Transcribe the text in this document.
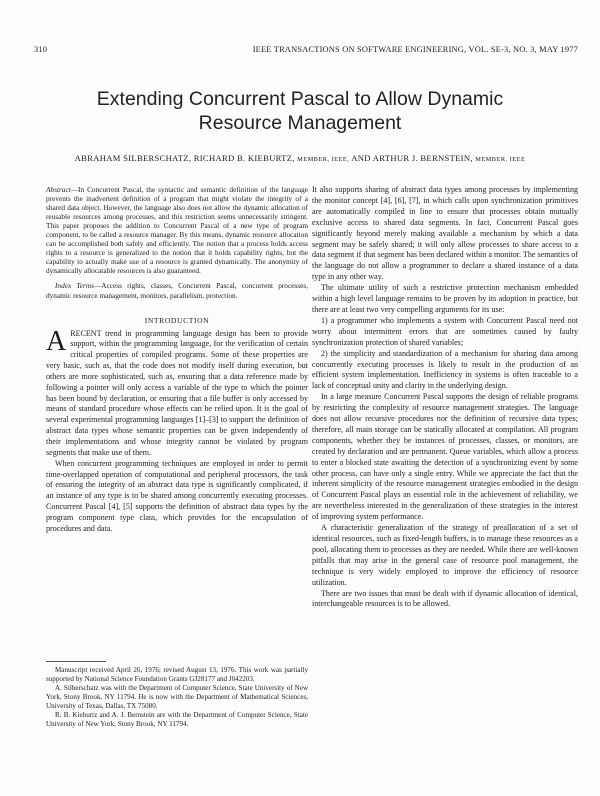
310	IEEE TRANSACTIONS ON SOFTWARE ENGINEERING, VOL. SE-3, NO. 3, MAY 1977
Extending Concurrent Pascal to Allow Dynamic
Resource Management
ABRAHAM SILBERSCHATZ, RICHARD B. KIEBURTZ, MEMBER, IEEE, AND ARTHUR J. BERNSTEIN, MEMBER, IEEE

Abstract—In Concurrent Pascal, the syntactic and semantic definition of the language prevents the inadvertent definition of a program that might violate the integrity of a shared data object. However, the language also does not allow the dynamic allocation of reusable resources among processes, and this restriction seems unnecessarily stringent. This paper proposes the addition to Concurrent Pascal of a new type of program component, to be called a resource manager. By this means, dynamic resource allocation can be accomplished both safely and efficiently. The notion that a process holds access rights to a resource is generalized to the notion that it holds capability rights, but the capability to actually make use of a resource is granted dynamically. The anonymity of dynamically allocatable resources is also guaranteed.

Index Terms—Access rights, classes, Concurrent Pascal, concurrent processes, dynamic resource management, monitors, parallelism, protection.

INTRODUCTION

ARECENT trend in programming language design has been to provide support, within the programming language, for the verification of certain critical properties of compiled programs. Some of these properties are very basic, such as, that the code does not modify itself during execution, but others are more sophisticated, such as, ensuring that a data reference made by following a pointer will only access a variable of the type to which the pointer has been bound by declaration, or ensuring that a file buffer is only accessed by means of standard procedure whose effects can be relied upon. It is the goal of several experimental programming languages [1]–[3] to support the definition of abstract data types whose semantic properties can be given independently of their implementations and whose integrity cannot be violated by program segments that make use of them.

When concurrent programming techniques are employed in order to permit time-overlapped operation of computational and peripheral processors, the task of ensuring the integrity of an abstract data type is significantly complicated, if an instance of any type is to be shared among concurrently executing processes. Concurrent Pascal [4], [5] supports the definition of abstract data types by the program component type class, which provides for the encapsulation of procedures and data.

Manuscript received April 26, 1976; revised August 13, 1976. This work was partially supported by National Science Foundation Grants GJ28177 and J042203.

A. Silberschatz was with the Department of Computer Science, State University of New York, Stony Brook, NY 11794. He is now with the Department of Mathematical Sciences, University of Texas, Dallas, TX 75080.

R. B. Kieburtz and A. J. Bernstein are with the Department of Computer Science, State University of New York, Stony Brook, NY 11794.

It also supports sharing of abstract data types among processes by implementing the monitor concept [4], [6], [7], in which calls upon synchronization primitives are automatically compiled in line to ensure that processes obtain mutually exclusive access to shared data segments. In fact, Concurrent Pascal goes significantly beyond merely making available a mechanism by which a data segment may be safely shared; it will only allow processes to share access to a data segment if that segment has been declared within a monitor. The semantics of the language do not allow a programmer to declare a shared instance of a data type in any other way.

The ultimate utility of such a restrictive protection mechanism embedded within a high level language remains to be proven by its adoption in practice, but there are at least two very compelling arguments for its use:

1) a programmer who implements a system with Concurrent Pascal need not worry about intermittent errors that are sometimes caused by faulty synchronization protection of shared variables;

2) the simplicity and standardization of a mechanism for sharing data among concurrently executing processes is likely to result in the production of an efficient system implementation. Inefficiency in systems is often traceable to a lack of conceptual unity and clarity in the underlying design.

In a large measure Concurrent Pascal supports the design of reliable programs by restricting the complexity of resource management strategies. The language does not allow recursive procedures nor the definition of recursive data types; therefore, all main storage can be statically allocated at compilation. All program components, whether they be instances of processes, classes, or monitors, are created by declaration and are permanent. Queue variables, which allow a process to enter a blocked state awaiting the detection of a synchronizing event by some other process, can have only a single entry. While we appreciate the fact that the inherent simplicity of the resource management strategies embodied in the design of Concurrent Pascal plays an essential role in the achievement of reliability, we are nevertheless interested in the generalization of these strategies in the interest of improving system performance.

A characteristic generalization of the strategy of preallocation of a set of identical resources, such as fixed-length buffers, is to manage these resources as a pool, allocating them to processes as they are needed. While there are well-known pitfalls that may arise in the general case of resource pool management, the technique is very widely employed to improve the efficiency of resource utilization.

There are two issues that must be dealt with if dynamic allocation of identical, interchangeable resources is to be allowed.
